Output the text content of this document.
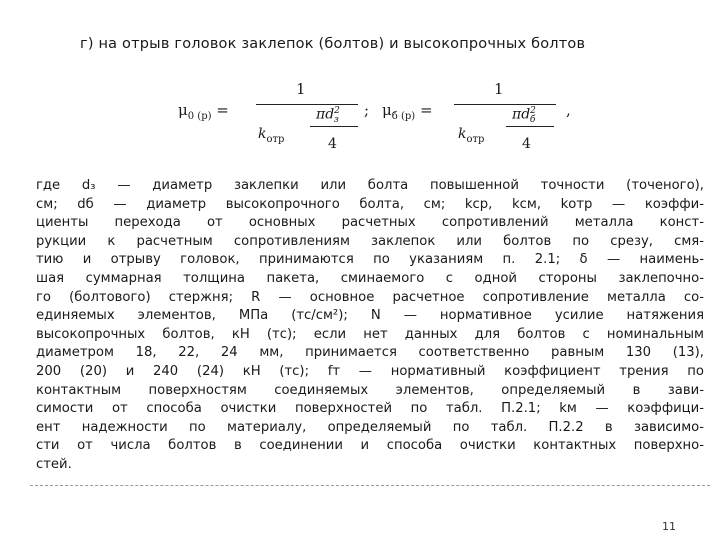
г) на отрыв головок заклепок (болтов) и высокопрочных болтов
$\mu_{0 (р)}$ =
1
$k_{отр}$
$\pi d^2_з$
4
; $\mu_{б (р)}$ =
1
$k_{отр}$
$\pi d^2_б$
4
,
где d₃ — диаметр заклепки или болта повышенной точности (точеного),
см; dб — диаметр высокопрочного болта, см; kср, kсм, kотр — коэффи-
циенты перехода от основных расчетных сопротивлений металла конст-
рукции к расчетным сопротивлениям заклепок или болтов по срезу, смя-
тию и отрыву головок, принимаются по указаниям п. 2.1; δ — наимень-
шая суммарная толщина пакета, сминаемого с одной стороны заклепочно-
го (болтового) стержня; R — основное расчетное сопротивление металла со-
единяемых элементов, МПа (тс/см²); N — нормативное усилие натяжения
высокопрочных болтов, кН (тс); если нет данных для болтов с номинальным
диаметром 18, 22, 24 мм, принимается соответственно равным 130 (13),
200 (20) и 240 (24) кН (тс); fт — нормативный коэффициент трения по
контактным поверхностям соединяемых элементов, определяемый в зави-
симости от способа очистки поверхностей по табл. П.2.1; kм — коэффици-
ент надежности по материалу, определяемый по табл. П.2.2 в зависимо-
сти от числа болтов в соединении и способа очистки контактных поверхно-
стей.
11
